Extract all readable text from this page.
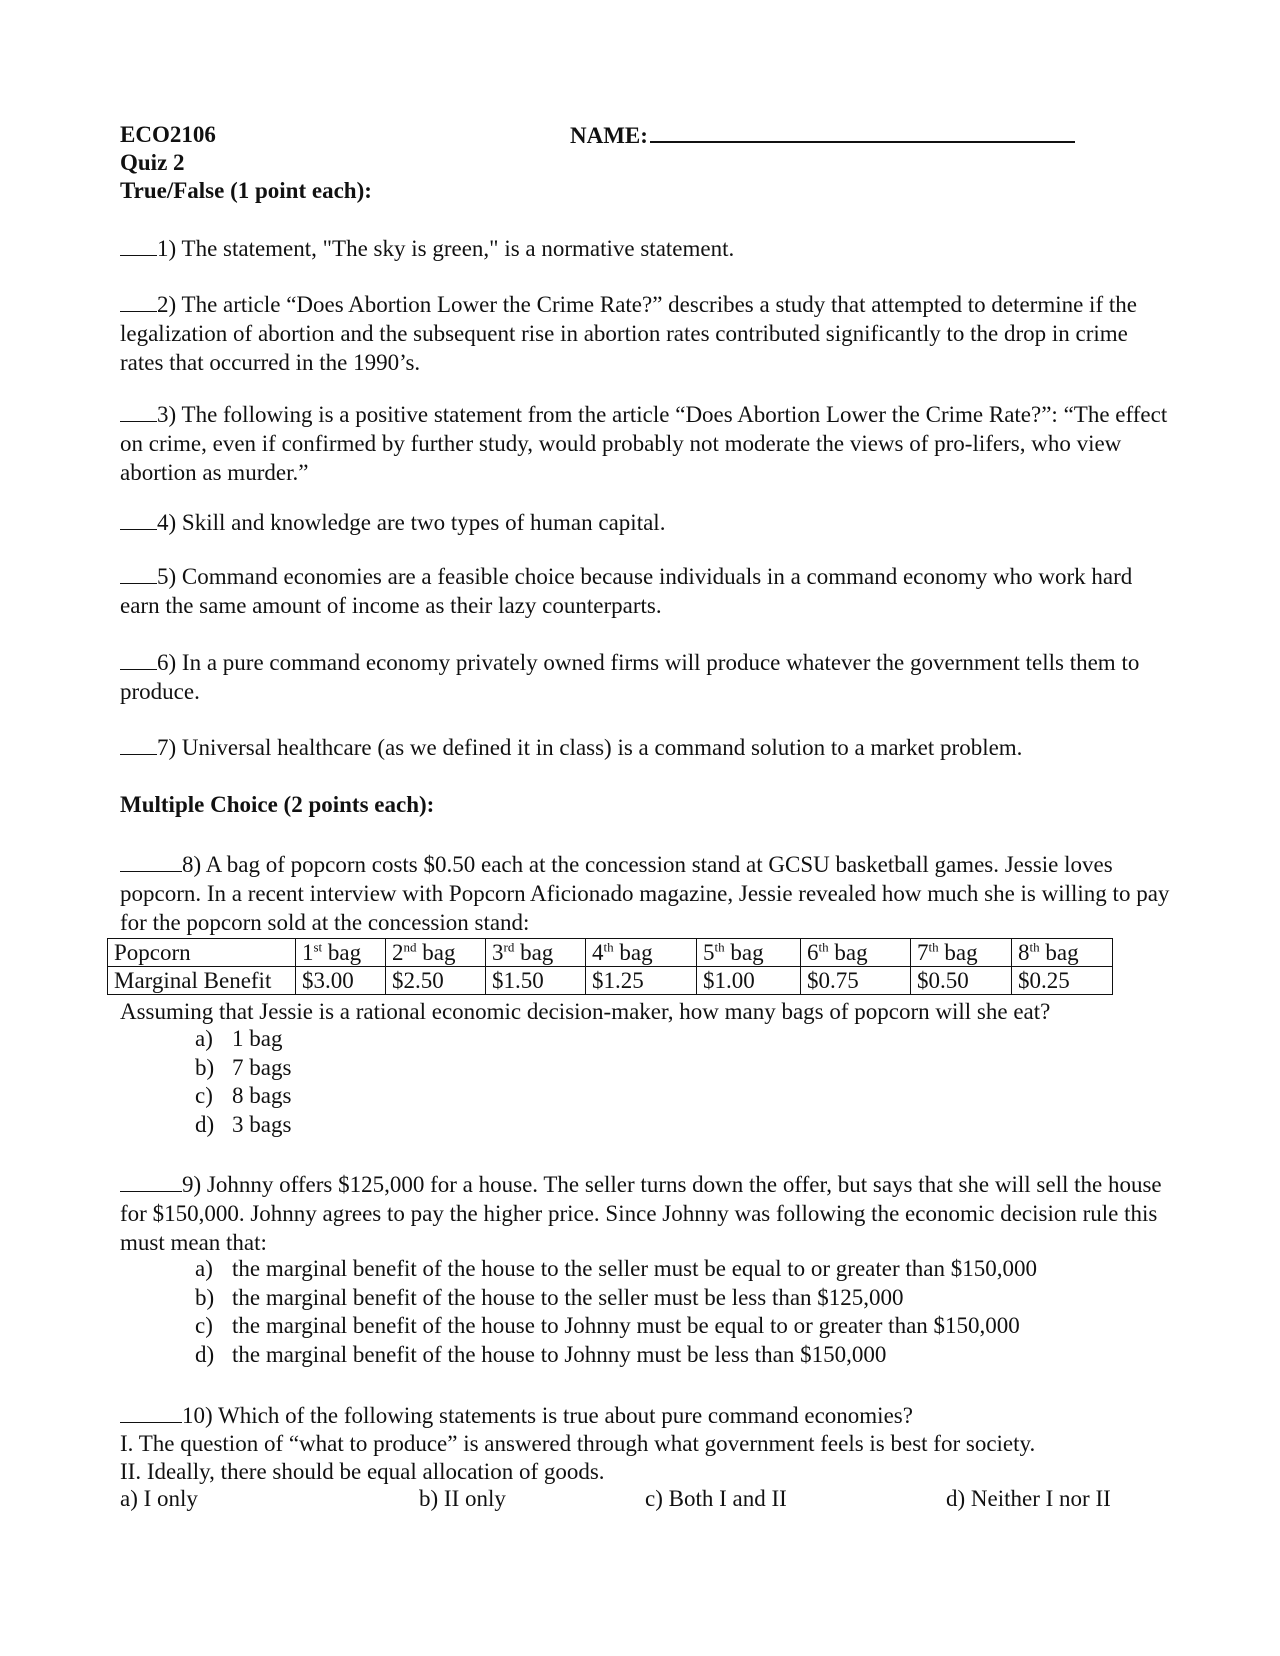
ECO2106
Quiz 2
True/False (1 point each):
NAME:
1) The statement, "The sky is green," is a normative statement.
2) The article “Does Abortion Lower the Crime Rate?” describes a study that attempted to determine if the legalization of abortion and the subsequent rise in abortion rates contributed significantly to the drop in crime rates that occurred in the 1990’s.
3) The following is a positive statement from the article “Does Abortion Lower the Crime Rate?”: “The effect on crime, even if confirmed by further study, would probably not moderate the views of pro-lifers, who view abortion as murder.”
4) Skill and knowledge are two types of human capital.
5) Command economies are a feasible choice because individuals in a command economy who work hard earn the same amount of income as their lazy counterparts.
6) In a pure command economy privately owned firms will produce whatever the government tells them to produce.
7) Universal healthcare (as we defined it in class) is a command solution to a market problem.
Multiple Choice (2 points each):
8) A bag of popcorn costs $0.50 each at the concession stand at GCSU basketball games. Jessie loves popcorn. In a recent interview with Popcorn Aficionado magazine, Jessie revealed how much she is willing to pay for the popcorn sold at the concession stand:
Popcorn	1st bag	2nd bag	3rd bag	4th bag	5th bag	6th bag	7th bag	8th bag
Marginal Benefit	$3.00	$2.50	$1.50	$1.25	$1.00	$0.75	$0.50	$0.25
Assuming that Jessie is a rational economic decision-maker, how many bags of popcorn will she eat?
a) 1 bag
b) 7 bags
c) 8 bags
d) 3 bags
9) Johnny offers $125,000 for a house. The seller turns down the offer, but says that she will sell the house for $150,000. Johnny agrees to pay the higher price. Since Johnny was following the economic decision rule this must mean that:
a) the marginal benefit of the house to the seller must be equal to or greater than $150,000
b) the marginal benefit of the house to the seller must be less than $125,000
c) the marginal benefit of the house to Johnny must be equal to or greater than $150,000
d) the marginal benefit of the house to Johnny must be less than $150,000
10) Which of the following statements is true about pure command economies?
I. The question of “what to produce” is answered through what government feels is best for society.
II. Ideally, there should be equal allocation of goods.
a) I only	b) II only	c) Both I and II	d) Neither I nor II
